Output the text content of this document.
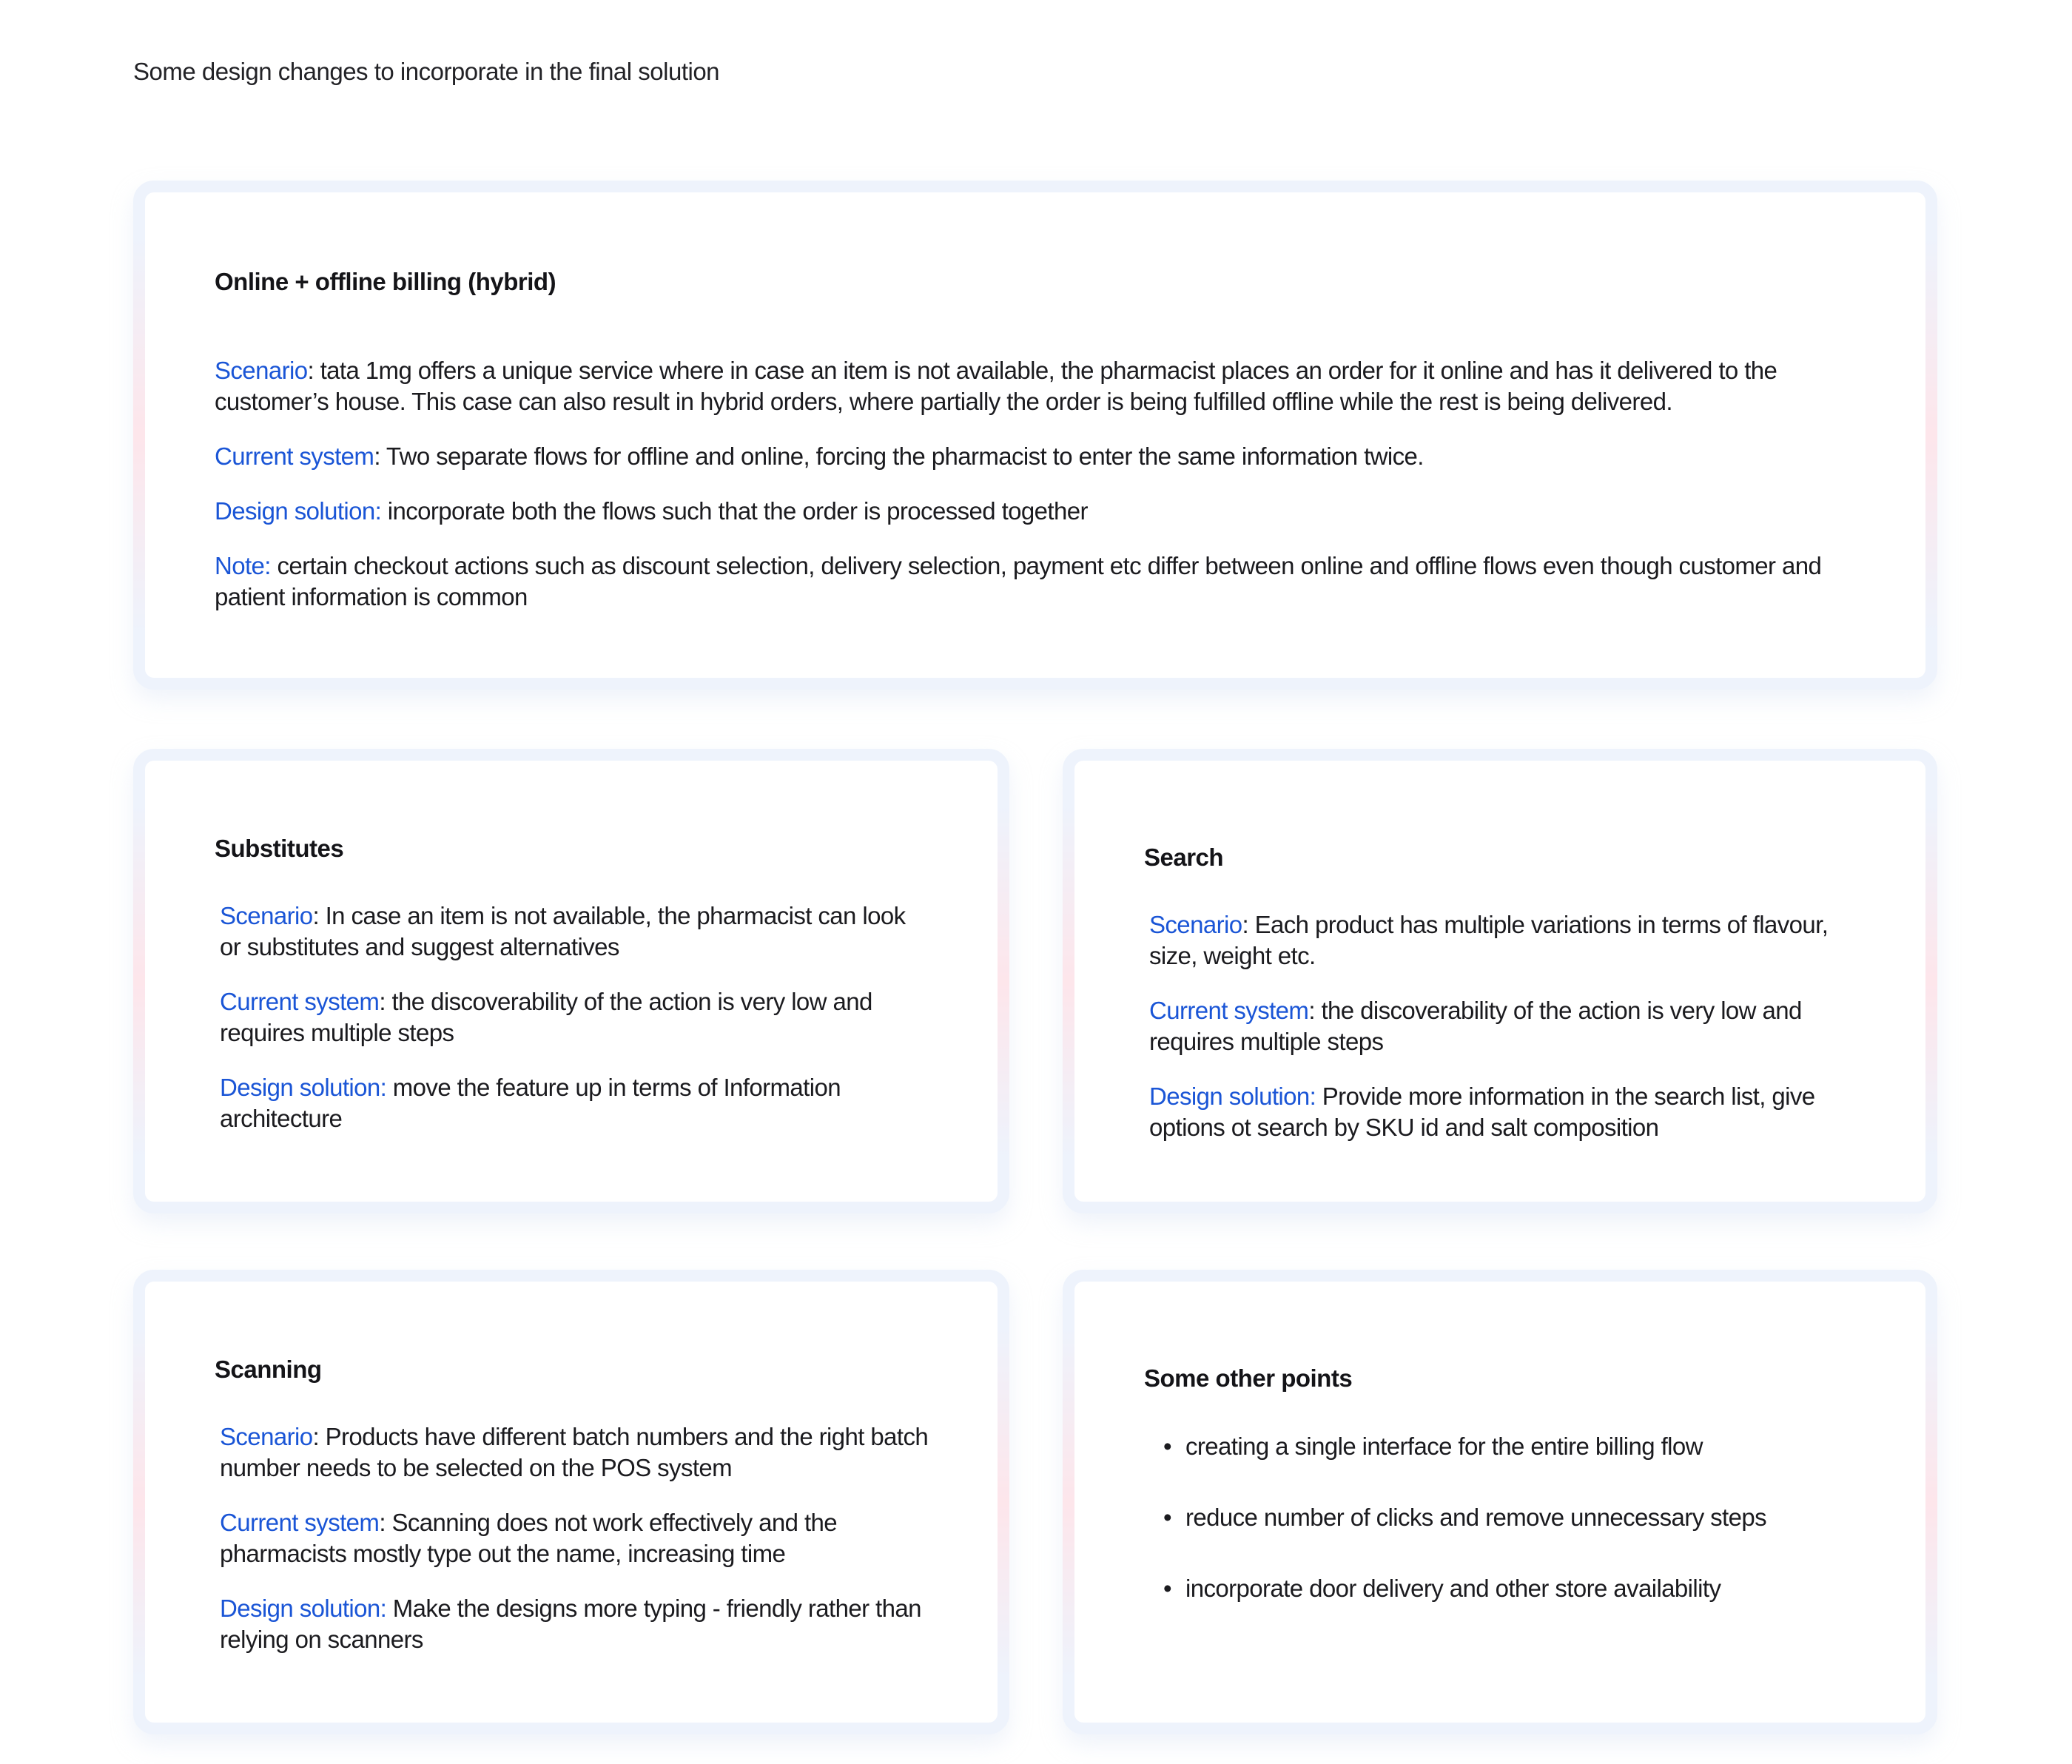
Some design changes to incorporate in the final solution

Online + offline billing (hybrid)

Scenario: tata 1mg offers a unique service where in case an item is not available, the pharmacist places an order for it online and has it delivered to the customer’s house. This case can also result in hybrid orders, where partially the order is being fulfilled offline while the rest is being delivered.

Current system: Two separate flows for offline and online, forcing the pharmacist to enter the same information twice.

Design solution: incorporate both the flows such that the order is processed together

Note: certain checkout actions such as discount selection, delivery selection, payment etc differ between online and offline flows even though customer and patient information is common

Substitutes

Scenario: In case an item is not available, the pharmacist can look or substitutes and suggest alternatives

Current system: the discoverability of the action is very low and requires multiple steps

Design solution: move the feature up in terms of Information architecture

Search

Scenario: Each product has multiple variations in terms of flavour, size, weight etc.

Current system: the discoverability of the action is very low and requires multiple steps

Design solution: Provide more information in the search list, give options ot search by SKU id and salt composition

Scanning

Scenario: Products have different batch numbers and the right batch number needs to be selected on the POS system

Current system: Scanning does not work effectively and the pharmacists mostly type out the name, increasing time

Design solution: Make the designs more typing - friendly rather than relying on scanners

Some other points
• creating a single interface for the entire billing flow
• reduce number of clicks and remove unnecessary steps
• incorporate door delivery and other store availability
